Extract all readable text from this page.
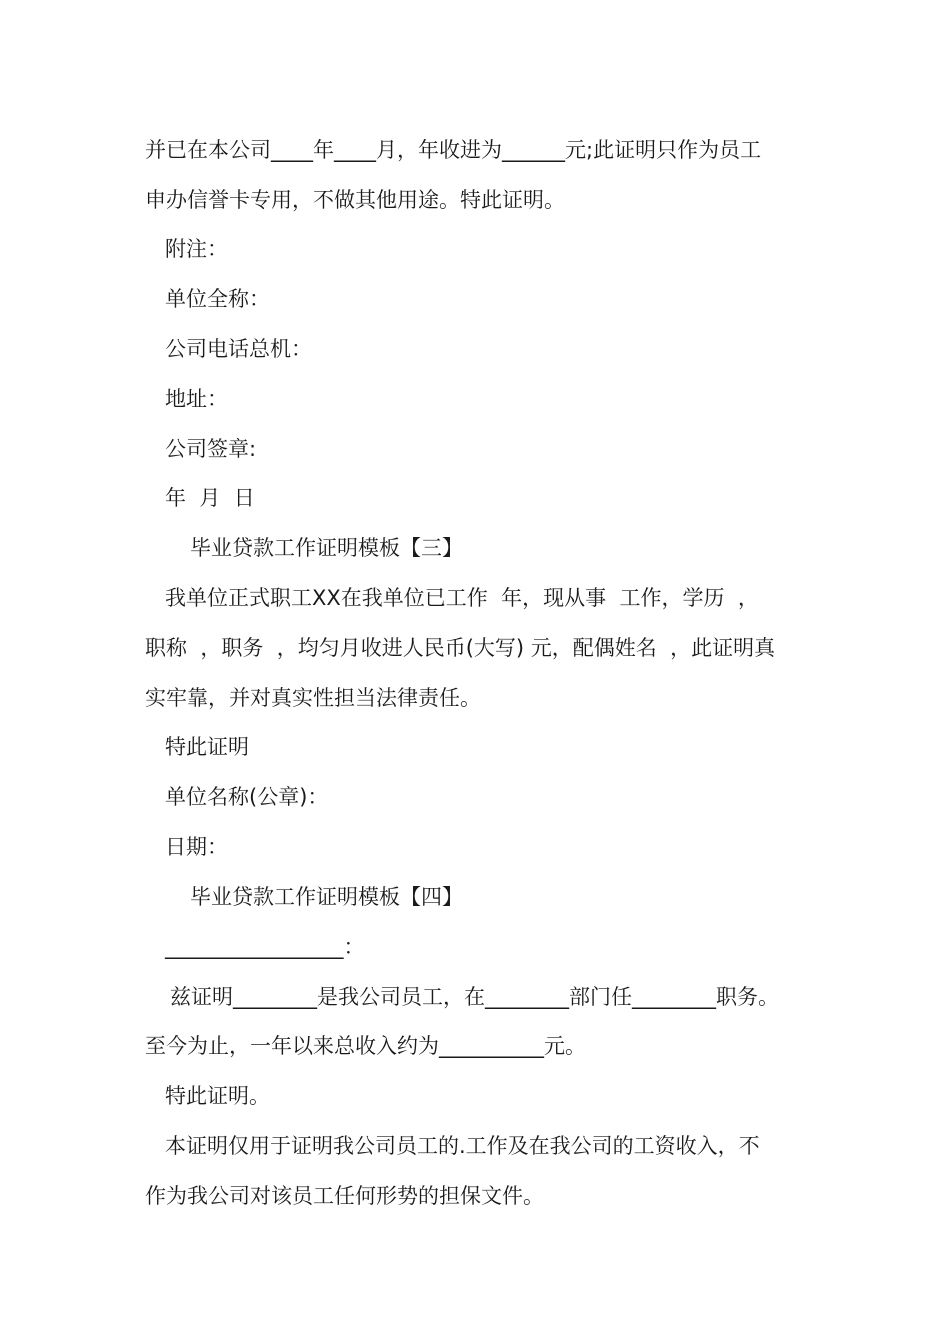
并已在本公司____年____月，年收进为______元;此证明只作为员工
申办信誉卡专用，不做其他用途。特此证明。
附注：
单位全称：
公司电话总机：
地址：
公司签章:
年  月  日
毕业贷款工作证明模板【三】
我单位正式职工XX在我单位已工作  年，现从事  工作，学历  ，
职称  ，职务  ，均匀月收进人民币(大写) 元，配偶姓名  ，此证明真
实牢靠，并对真实性担当法律责任。
特此证明
单位名称(公章)：
日期：
毕业贷款工作证明模板【四】
_________________：
兹证明________是我公司员工，在________部门任________职务。
至今为止，一年以来总收入约为__________元。
特此证明。
本证明仅用于证明我公司员工的.工作及在我公司的工资收入，不
作为我公司对该员工任何形势的担保文件。
